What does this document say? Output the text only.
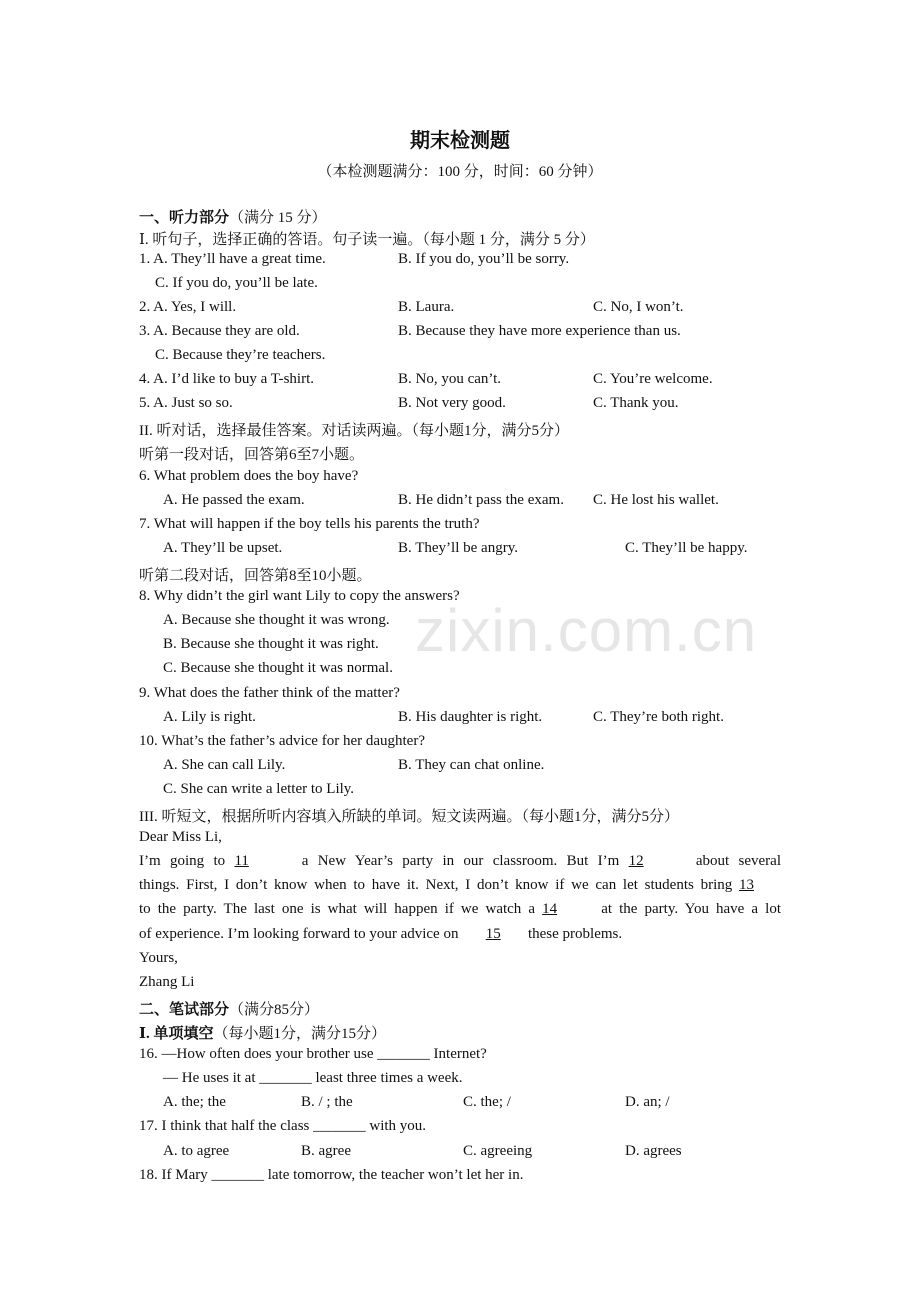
zixin.com.cn
期末检测题
（本检测题满分：100 分，时间：60 分钟）
一、听力部分（满分 15 分）
Ⅰ. 听句子，选择正确的答语。句子读一遍。（每小题 1 分，满分 5 分）
1. A. They’ll have a great time.	B. If you do, you’ll be sorry.
C. If you do, you’ll be late.
2. A. Yes, I will.	B. Laura.	C. No, I won’t.
3. A. Because they are old.	B. Because they have more experience than us.
C. Because they’re teachers.
4. A. I’d like to buy a T-shirt.	B. No, you can’t.	C. You’re welcome.
5. A. Just so so.	B. Not very good.	C. Thank you.
II. 听对话，选择最佳答案。对话读两遍。（每小题1分，满分5分）
听第一段对话，回答第6至7小题。
6. What problem does the boy have?
A. He passed the exam.	B. He didn’t pass the exam. C. He lost his wallet.
7. What will happen if the boy tells his parents the truth?
A. They’ll be upset.	B. They’ll be angry.	C. They’ll be happy.
听第二段对话，回答第8至10小题。
8. Why didn’t the girl want Lily to copy the answers?
A. Because she thought it was wrong.
B. Because she thought it was right.
C. Because she thought it was normal.
9. What does the father think of the matter?
A. Lily is right.	B. His daughter is right.	C. They’re both right.
10. What’s the father’s advice for her daughter?
A. She can call Lily.	B. They can chat online.
C. She can write a letter to Lily.
III. 听短文，根据所听内容填入所缺的单词。短文读两遍。（每小题1分，满分5分）
Dear Miss Li,
I’m going to 11	a New Year’s party in our classroom. But I’m 12	about several
things. First, I don’t know when to have it. Next, I don’t know if we can let students bring 13
to the party. The last one is what will happen if we watch a 14	at the party. You have a lot
of experience. I’m looking forward to your advice on 15 these problems.
Yours,
Zhang Li
二、笔试部分（满分85分）
Ⅰ. 单项填空（每小题1分，满分15分）
16. —How often does your brother use _______ Internet?
— He uses it at _______ least three times a week.
A. the; the	B. / ; the	C. the; /	D. an; /
17. I think that half the class _______ with you.
A. to agree	B. agree	C. agreeing	D. agrees
18. If Mary _______ late tomorrow, the teacher won’t let her in.
